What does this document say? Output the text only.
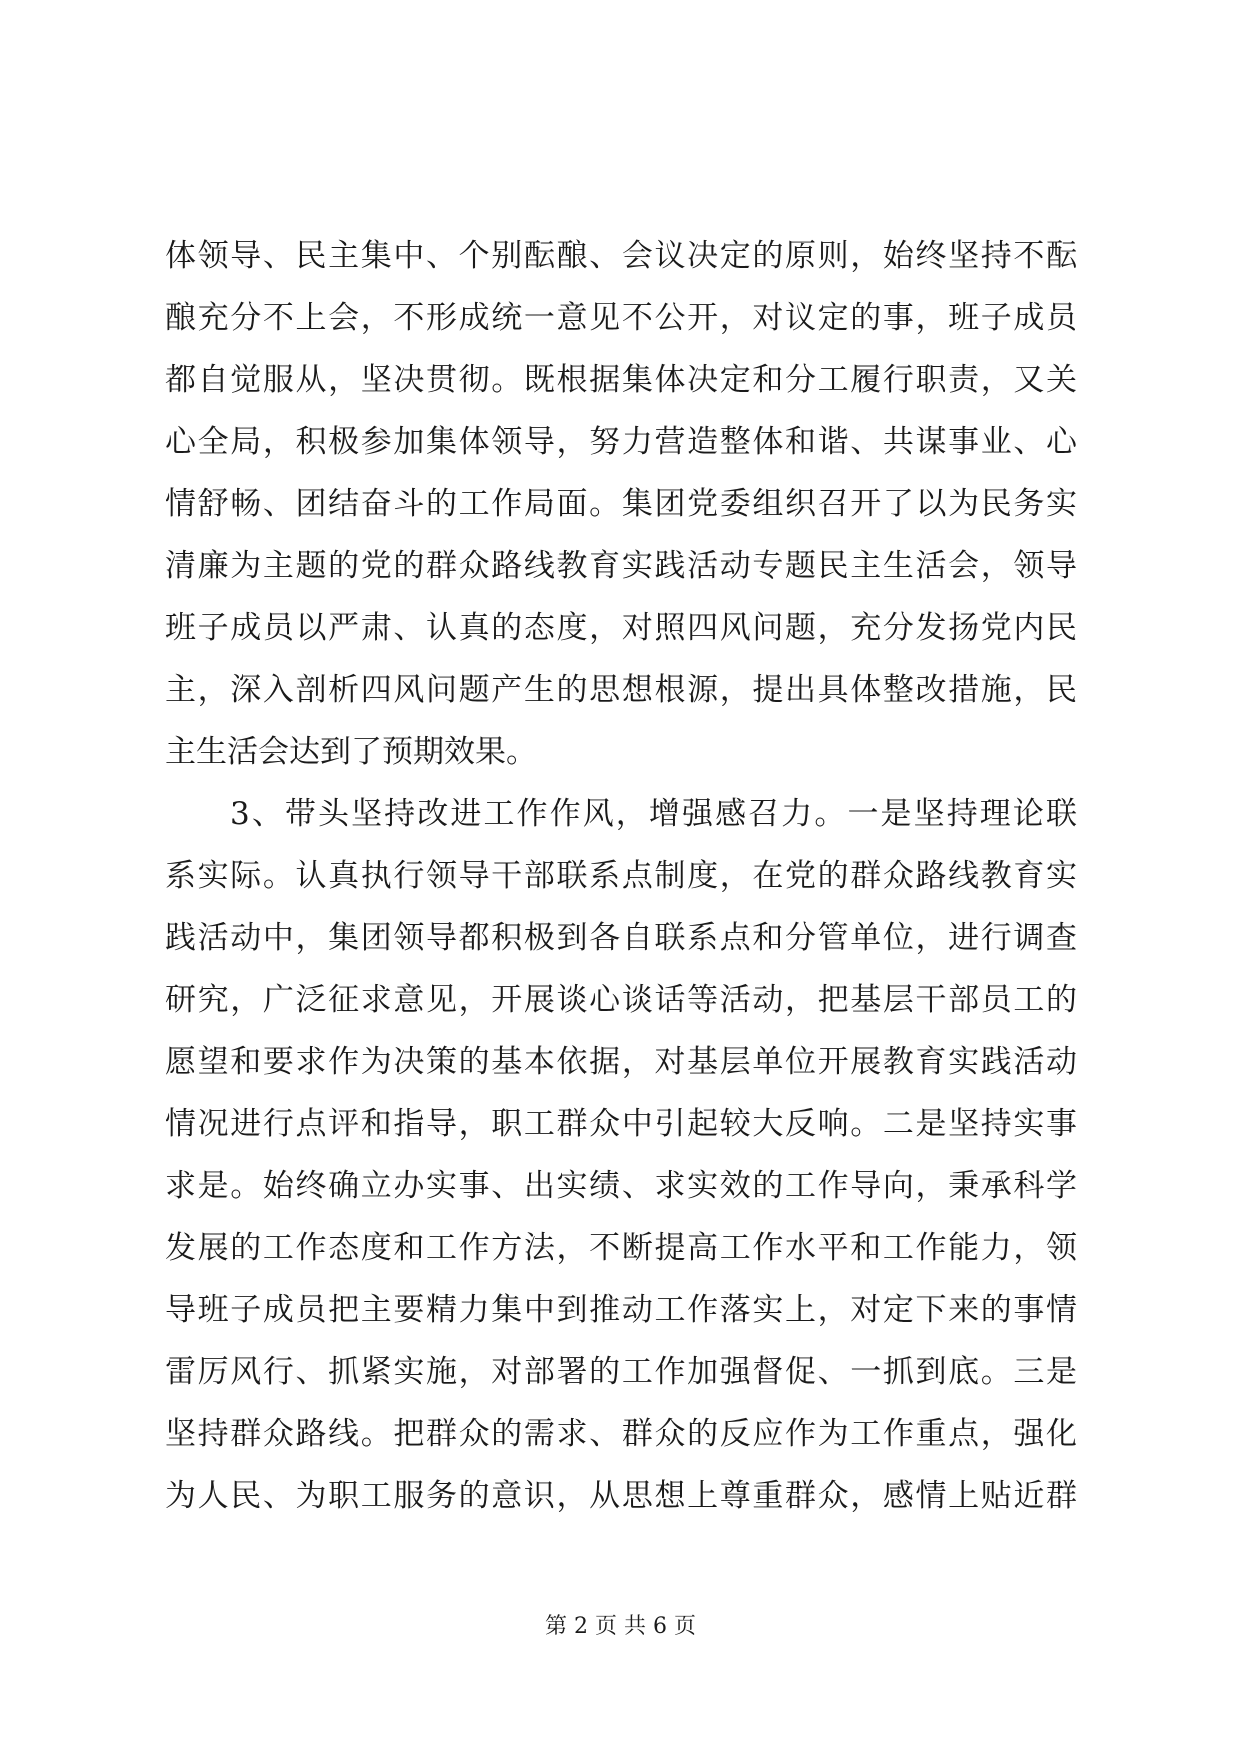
体领导、民主集中、个别酝酿、会议决定的原则，始终坚持不酝
酿充分不上会，不形成统一意见不公开，对议定的事，班子成员
都自觉服从，坚决贯彻。既根据集体决定和分工履行职责，又关
心全局，积极参加集体领导，努力营造整体和谐、共谋事业、心
情舒畅、团结奋斗的工作局面。集团党委组织召开了以为民务实
清廉为主题的党的群众路线教育实践活动专题民主生活会，领导
班子成员以严肃、认真的态度，对照四风问题，充分发扬党内民
主，深入剖析四风问题产生的思想根源，提出具体整改措施，民
主生活会达到了预期效果。
3、带头坚持改进工作作风，增强感召力。一是坚持理论联
系实际。认真执行领导干部联系点制度，在党的群众路线教育实
践活动中，集团领导都积极到各自联系点和分管单位，进行调查
研究，广泛征求意见，开展谈心谈话等活动，把基层干部员工的
愿望和要求作为决策的基本依据，对基层单位开展教育实践活动
情况进行点评和指导，职工群众中引起较大反响。二是坚持实事
求是。始终确立办实事、出实绩、求实效的工作导向，秉承科学
发展的工作态度和工作方法，不断提高工作水平和工作能力，领
导班子成员把主要精力集中到推动工作落实上，对定下来的事情
雷厉风行、抓紧实施，对部署的工作加强督促、一抓到底。三是
坚持群众路线。把群众的需求、群众的反应作为工作重点，强化
为人民、为职工服务的意识，从思想上尊重群众，感情上贴近群
第 2 页 共 6 页
